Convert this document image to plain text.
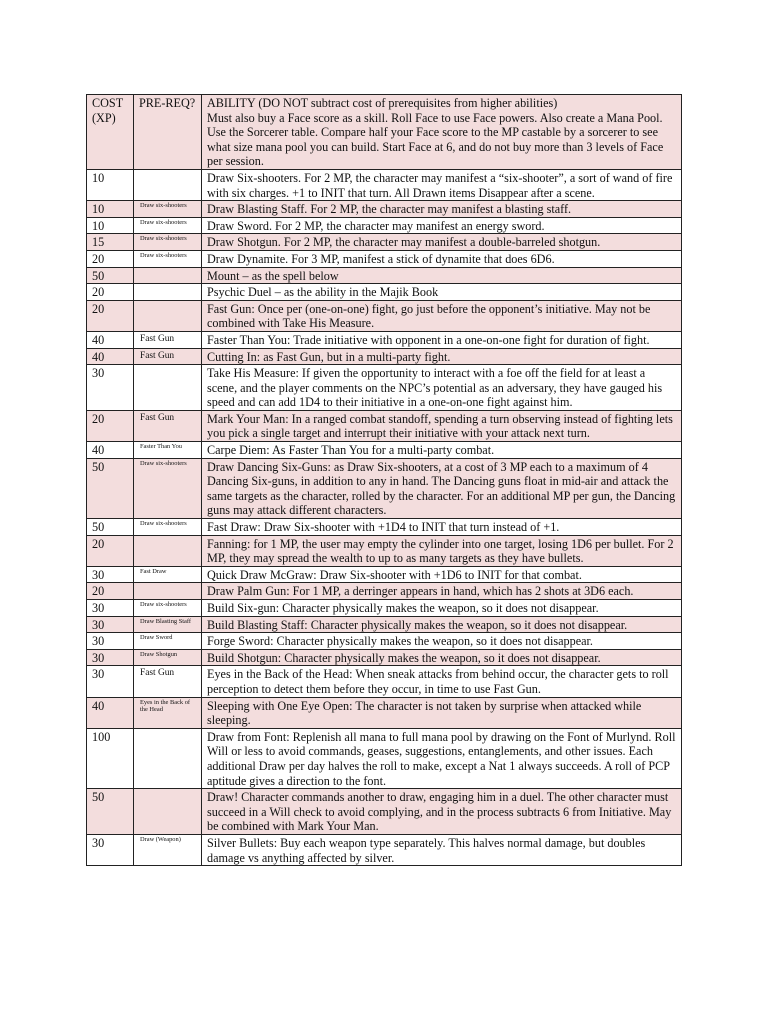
COST (XP)	PRE-REQ?	ABILITY (DO NOT subtract cost of prerequisites from higher abilities)
Must also buy a Face score as a skill. Roll Face to use Face powers. Also create a Mana Pool. Use the Sorcerer table. Compare half your Face score to the MP castable by a sorcerer to see what size mana pool you can build. Start Face at 6, and do not buy more than 3 levels of Face per session.

10		Draw Six-shooters. For 2 MP, the character may manifest a “six-shooter”, a sort of wand of fire with six charges. +1 to INIT that turn. All Drawn items Disappear after a scene.
10	Draw six-shooters	Draw Blasting Staff. For 2 MP, the character may manifest a blasting staff.
10	Draw six-shooters	Draw Sword. For 2 MP, the character may manifest an energy sword.
15	Draw six-shooters	Draw Shotgun. For 2 MP, the character may manifest a double-barreled shotgun.
20	Draw six-shooters	Draw Dynamite. For 3 MP, manifest a stick of dynamite that does 6D6.
50		Mount – as the spell below
20		Psychic Duel – as the ability in the Majik Book
20		Fast Gun: Once per (one-on-one) fight, go just before the opponent’s initiative. May not be combined with Take His Measure.
40	Fast Gun	Faster Than You: Trade initiative with opponent in a one-on-one fight for duration of fight.
40	Fast Gun	Cutting In: as Fast Gun, but in a multi-party fight.
30		Take His Measure: If given the opportunity to interact with a foe off the field for at least a scene, and the player comments on the NPC’s potential as an adversary, they have gauged his speed and can add 1D4 to their initiative in a one-on-one fight against him.
20	Fast Gun	Mark Your Man: In a ranged combat standoff, spending a turn observing instead of fighting lets you pick a single target and interrupt their initiative with your attack next turn.
40	Faster Than You	Carpe Diem: As Faster Than You for a multi-party combat.
50	Draw six-shooters	Draw Dancing Six-Guns: as Draw Six-shooters, at a cost of 3 MP each to a maximum of 4 Dancing Six-guns, in addition to any in hand. The Dancing guns float in mid-air and attack the same targets as the character, rolled by the character. For an additional MP per gun, the Dancing guns may attack different characters.
50	Draw six-shooters	Fast Draw: Draw Six-shooter with +1D4 to INIT that turn instead of +1.
20		Fanning: for 1 MP, the user may empty the cylinder into one target, losing 1D6 per bullet. For 2 MP, they may spread the wealth to up to as many targets as they have bullets.
30	Fast Draw	Quick Draw McGraw: Draw Six-shooter with +1D6 to INIT for that combat.
20		Draw Palm Gun: For 1 MP, a derringer appears in hand, which has 2 shots at 3D6 each.
30	Draw six-shooters	Build Six-gun: Character physically makes the weapon, so it does not disappear.
30	Draw Blasting Staff	Build Blasting Staff: Character physically makes the weapon, so it does not disappear.
30	Draw Sword	Forge Sword: Character physically makes the weapon, so it does not disappear.
30	Draw Shotgun	Build Shotgun: Character physically makes the weapon, so it does not disappear.
30	Fast Gun	Eyes in the Back of the Head: When sneak attacks from behind occur, the character gets to roll perception to detect them before they occur, in time to use Fast Gun.
40	Eyes in the Back of the Head	Sleeping with One Eye Open: The character is not taken by surprise when attacked while sleeping.
100		Draw from Font: Replenish all mana to full mana pool by drawing on the Font of Murlynd. Roll Will or less to avoid commands, geases, suggestions, entanglements, and other issues. Each additional Draw per day halves the roll to make, except a Nat 1 always succeeds. A roll of PCP aptitude gives a direction to the font.
50		Draw! Character commands another to draw, engaging him in a duel. The other character must succeed in a Will check to avoid complying, and in the process subtracts 6 from Initiative. May be combined with Mark Your Man.
30	Draw (Weapon)	Silver Bullets: Buy each weapon type separately. This halves normal damage, but doubles damage vs anything affected by silver.
